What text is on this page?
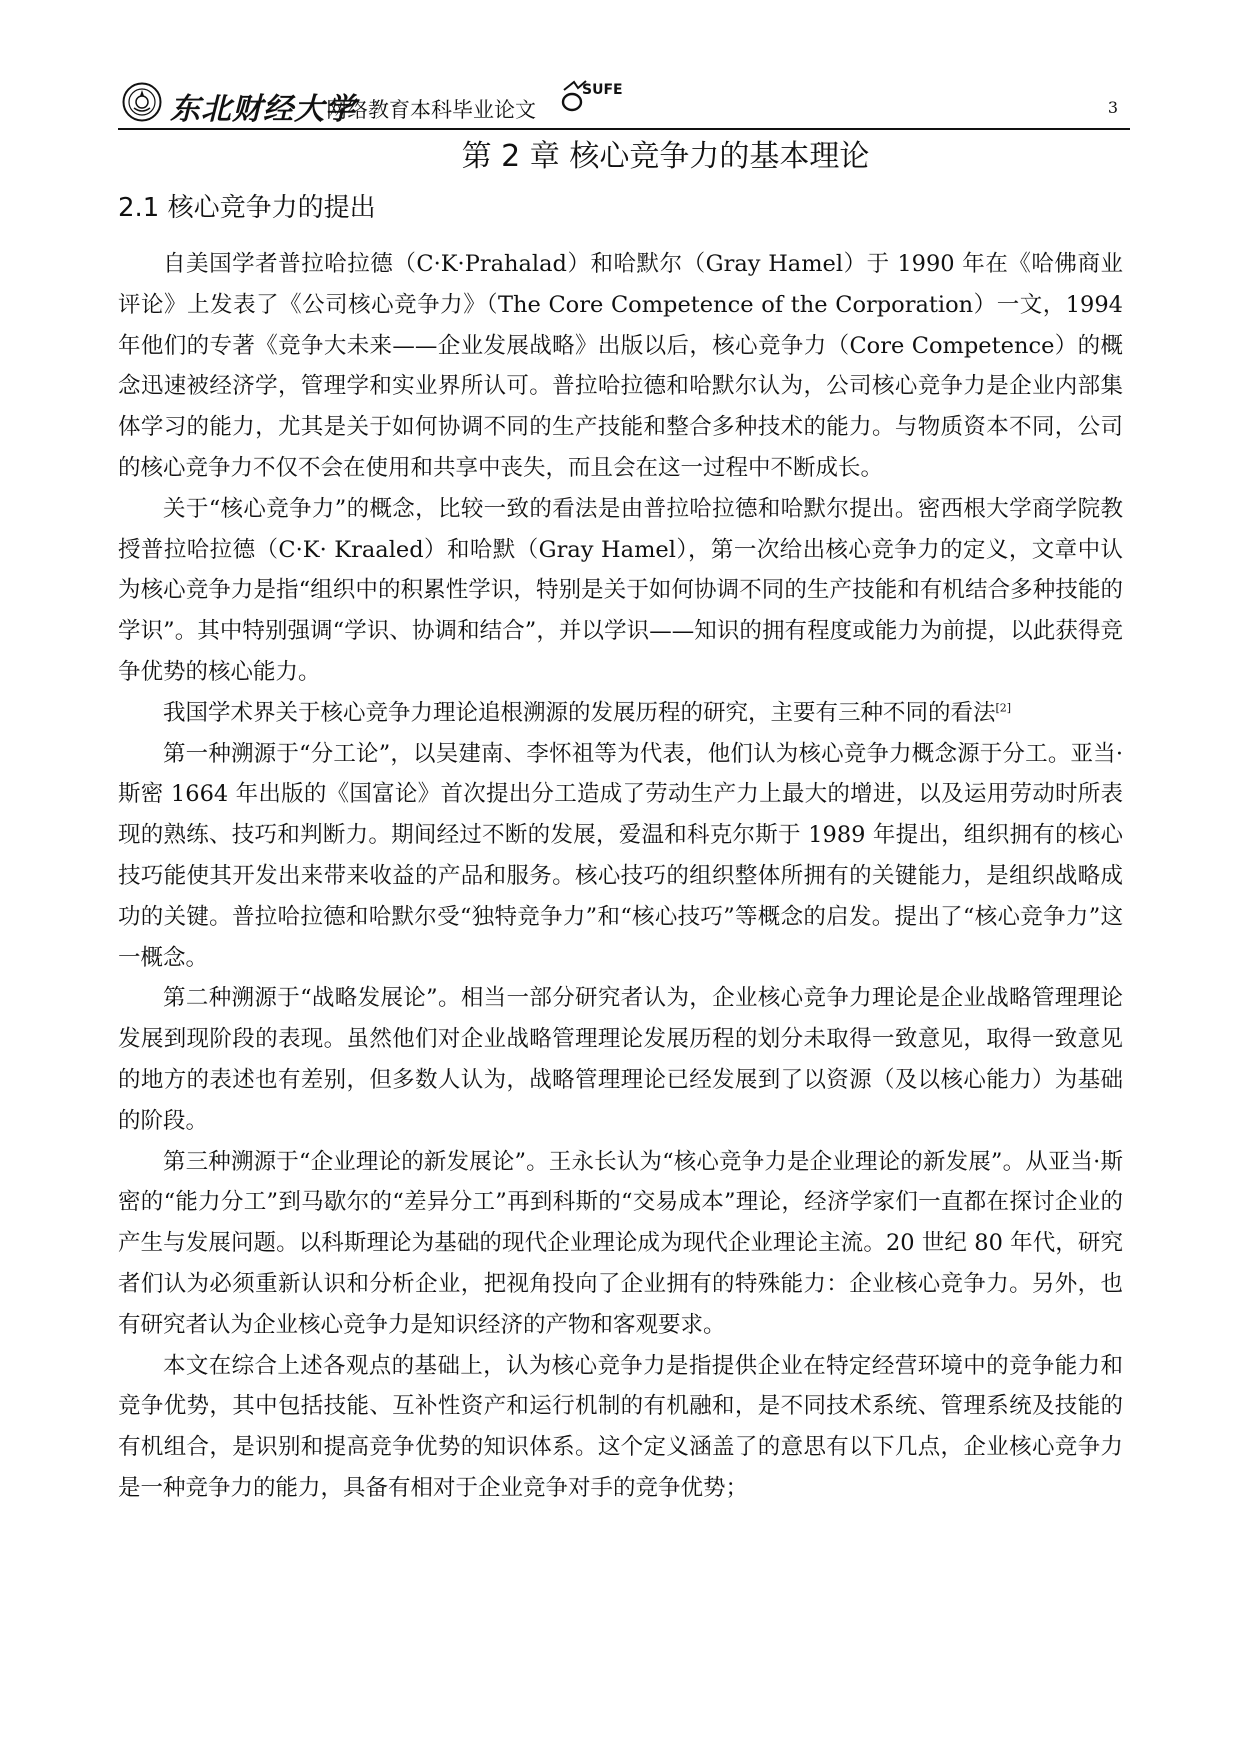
东北财经大学
网络教育本科毕业论文
SUFE
3
第 2 章 核心竞争力的基本理论
2.1 核心竞争力的提出

自美国学者普拉哈拉德（C·K·Prahalad）和哈默尔（Gray Hamel）于 1990 年在《哈佛商业评论》上发表了《公司核心竞争力》（The Core Competence of the Corporation）一文，1994 年他们的专著《竞争大未来——企业发展战略》出版以后，核心竞争力（Core Competence）的概念迅速被经济学，管理学和实业界所认可。普拉哈拉德和哈默尔认为，公司核心竞争力是企业内部集体学习的能力，尤其是关于如何协调不同的生产技能和整合多种技术的能力。与物质资本不同，公司的核心竞争力不仅不会在使用和共享中丧失，而且会在这一过程中不断成长。

关于“核心竞争力”的概念，比较一致的看法是由普拉哈拉德和哈默尔提出。密西根大学商学院教授普拉哈拉德（C·K· Kraaled）和哈默（Gray Hamel），第一次给出核心竞争力的定义，文章中认为核心竞争力是指“组织中的积累性学识，特别是关于如何协调不同的生产技能和有机结合多种技能的学识”。其中特别强调“学识、协调和结合”，并以学识——知识的拥有程度或能力为前提，以此获得竞争优势的核心能力。

我国学术界关于核心竞争力理论追根溯源的发展历程的研究，主要有三种不同的看法[2]

第一种溯源于“分工论”，以吴建南、李怀祖等为代表，他们认为核心竞争力概念源于分工。亚当·斯密 1664 年出版的《国富论》首次提出分工造成了劳动生产力上最大的增进，以及运用劳动时所表现的熟练、技巧和判断力。期间经过不断的发展，爱温和科克尔斯于 1989 年提出，组织拥有的核心技巧能使其开发出来带来收益的产品和服务。核心技巧的组织整体所拥有的关键能力，是组织战略成功的关键。普拉哈拉德和哈默尔受“独特竞争力”和“核心技巧”等概念的启发。提出了“核心竞争力”这一概念。

第二种溯源于“战略发展论”。相当一部分研究者认为，企业核心竞争力理论是企业战略管理理论发展到现阶段的表现。虽然他们对企业战略管理理论发展历程的划分未取得一致意见，取得一致意见的地方的表述也有差别，但多数人认为，战略管理理论已经发展到了以资源（及以核心能力）为基础的阶段。

第三种溯源于“企业理论的新发展论”。王永长认为“核心竞争力是企业理论的新发展”。从亚当·斯密的“能力分工”到马歇尔的“差异分工”再到科斯的“交易成本”理论，经济学家们一直都在探讨企业的产生与发展问题。以科斯理论为基础的现代企业理论成为现代企业理论主流。20 世纪 80 年代，研究者们认为必须重新认识和分析企业，把视角投向了企业拥有的特殊能力：企业核心竞争力。另外，也有研究者认为企业核心竞争力是知识经济的产物和客观要求。

本文在综合上述各观点的基础上，认为核心竞争力是指提供企业在特定经营环境中的竞争能力和竞争优势，其中包括技能、互补性资产和运行机制的有机融和，是不同技术系统、管理系统及技能的有机组合，是识别和提高竞争优势的知识体系。这个定义涵盖了的意思有以下几点，企业核心竞争力是一种竞争力的能力，具备有相对于企业竞争对手的竞争优势；
